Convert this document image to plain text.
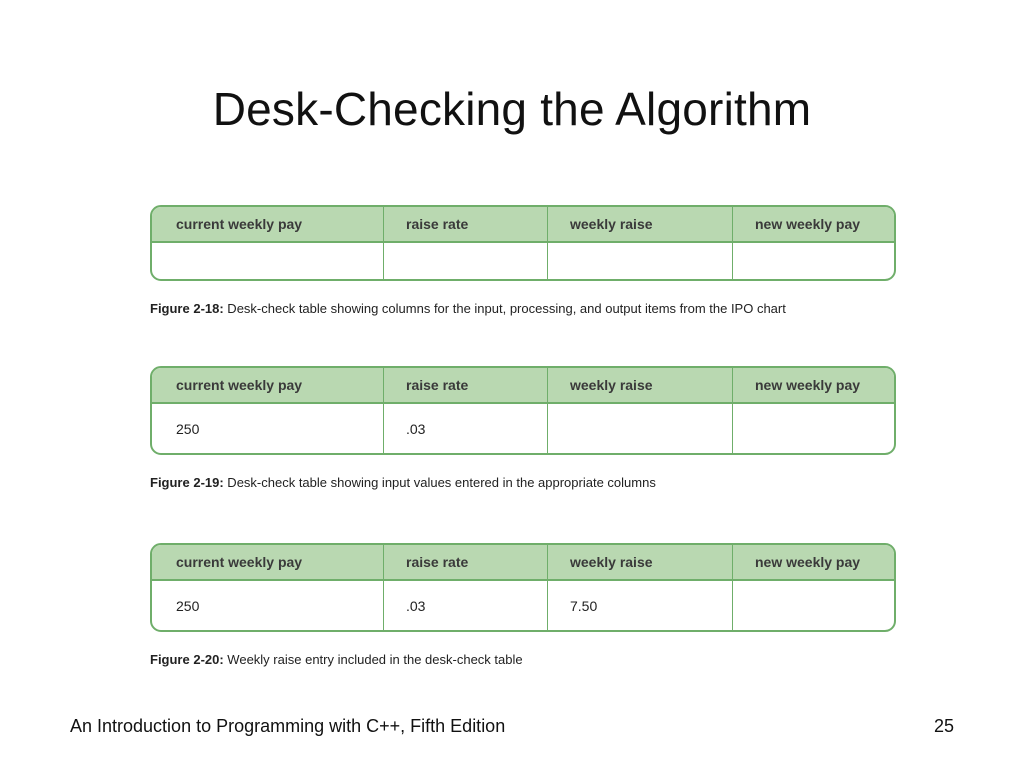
Desk-Checking the Algorithm
current weekly pay	raise rate	weekly raise	new weekly pay
Figure 2-18: Desk-check table showing columns for the input, processing, and output items from the IPO chart
current weekly pay	raise rate	weekly raise	new weekly pay
250	.03
Figure 2-19: Desk-check table showing input values entered in the appropriate columns
current weekly pay	raise rate	weekly raise	new weekly pay
250	.03	7.50
Figure 2-20: Weekly raise entry included in the desk-check table
An Introduction to Programming with C++, Fifth Edition	25
